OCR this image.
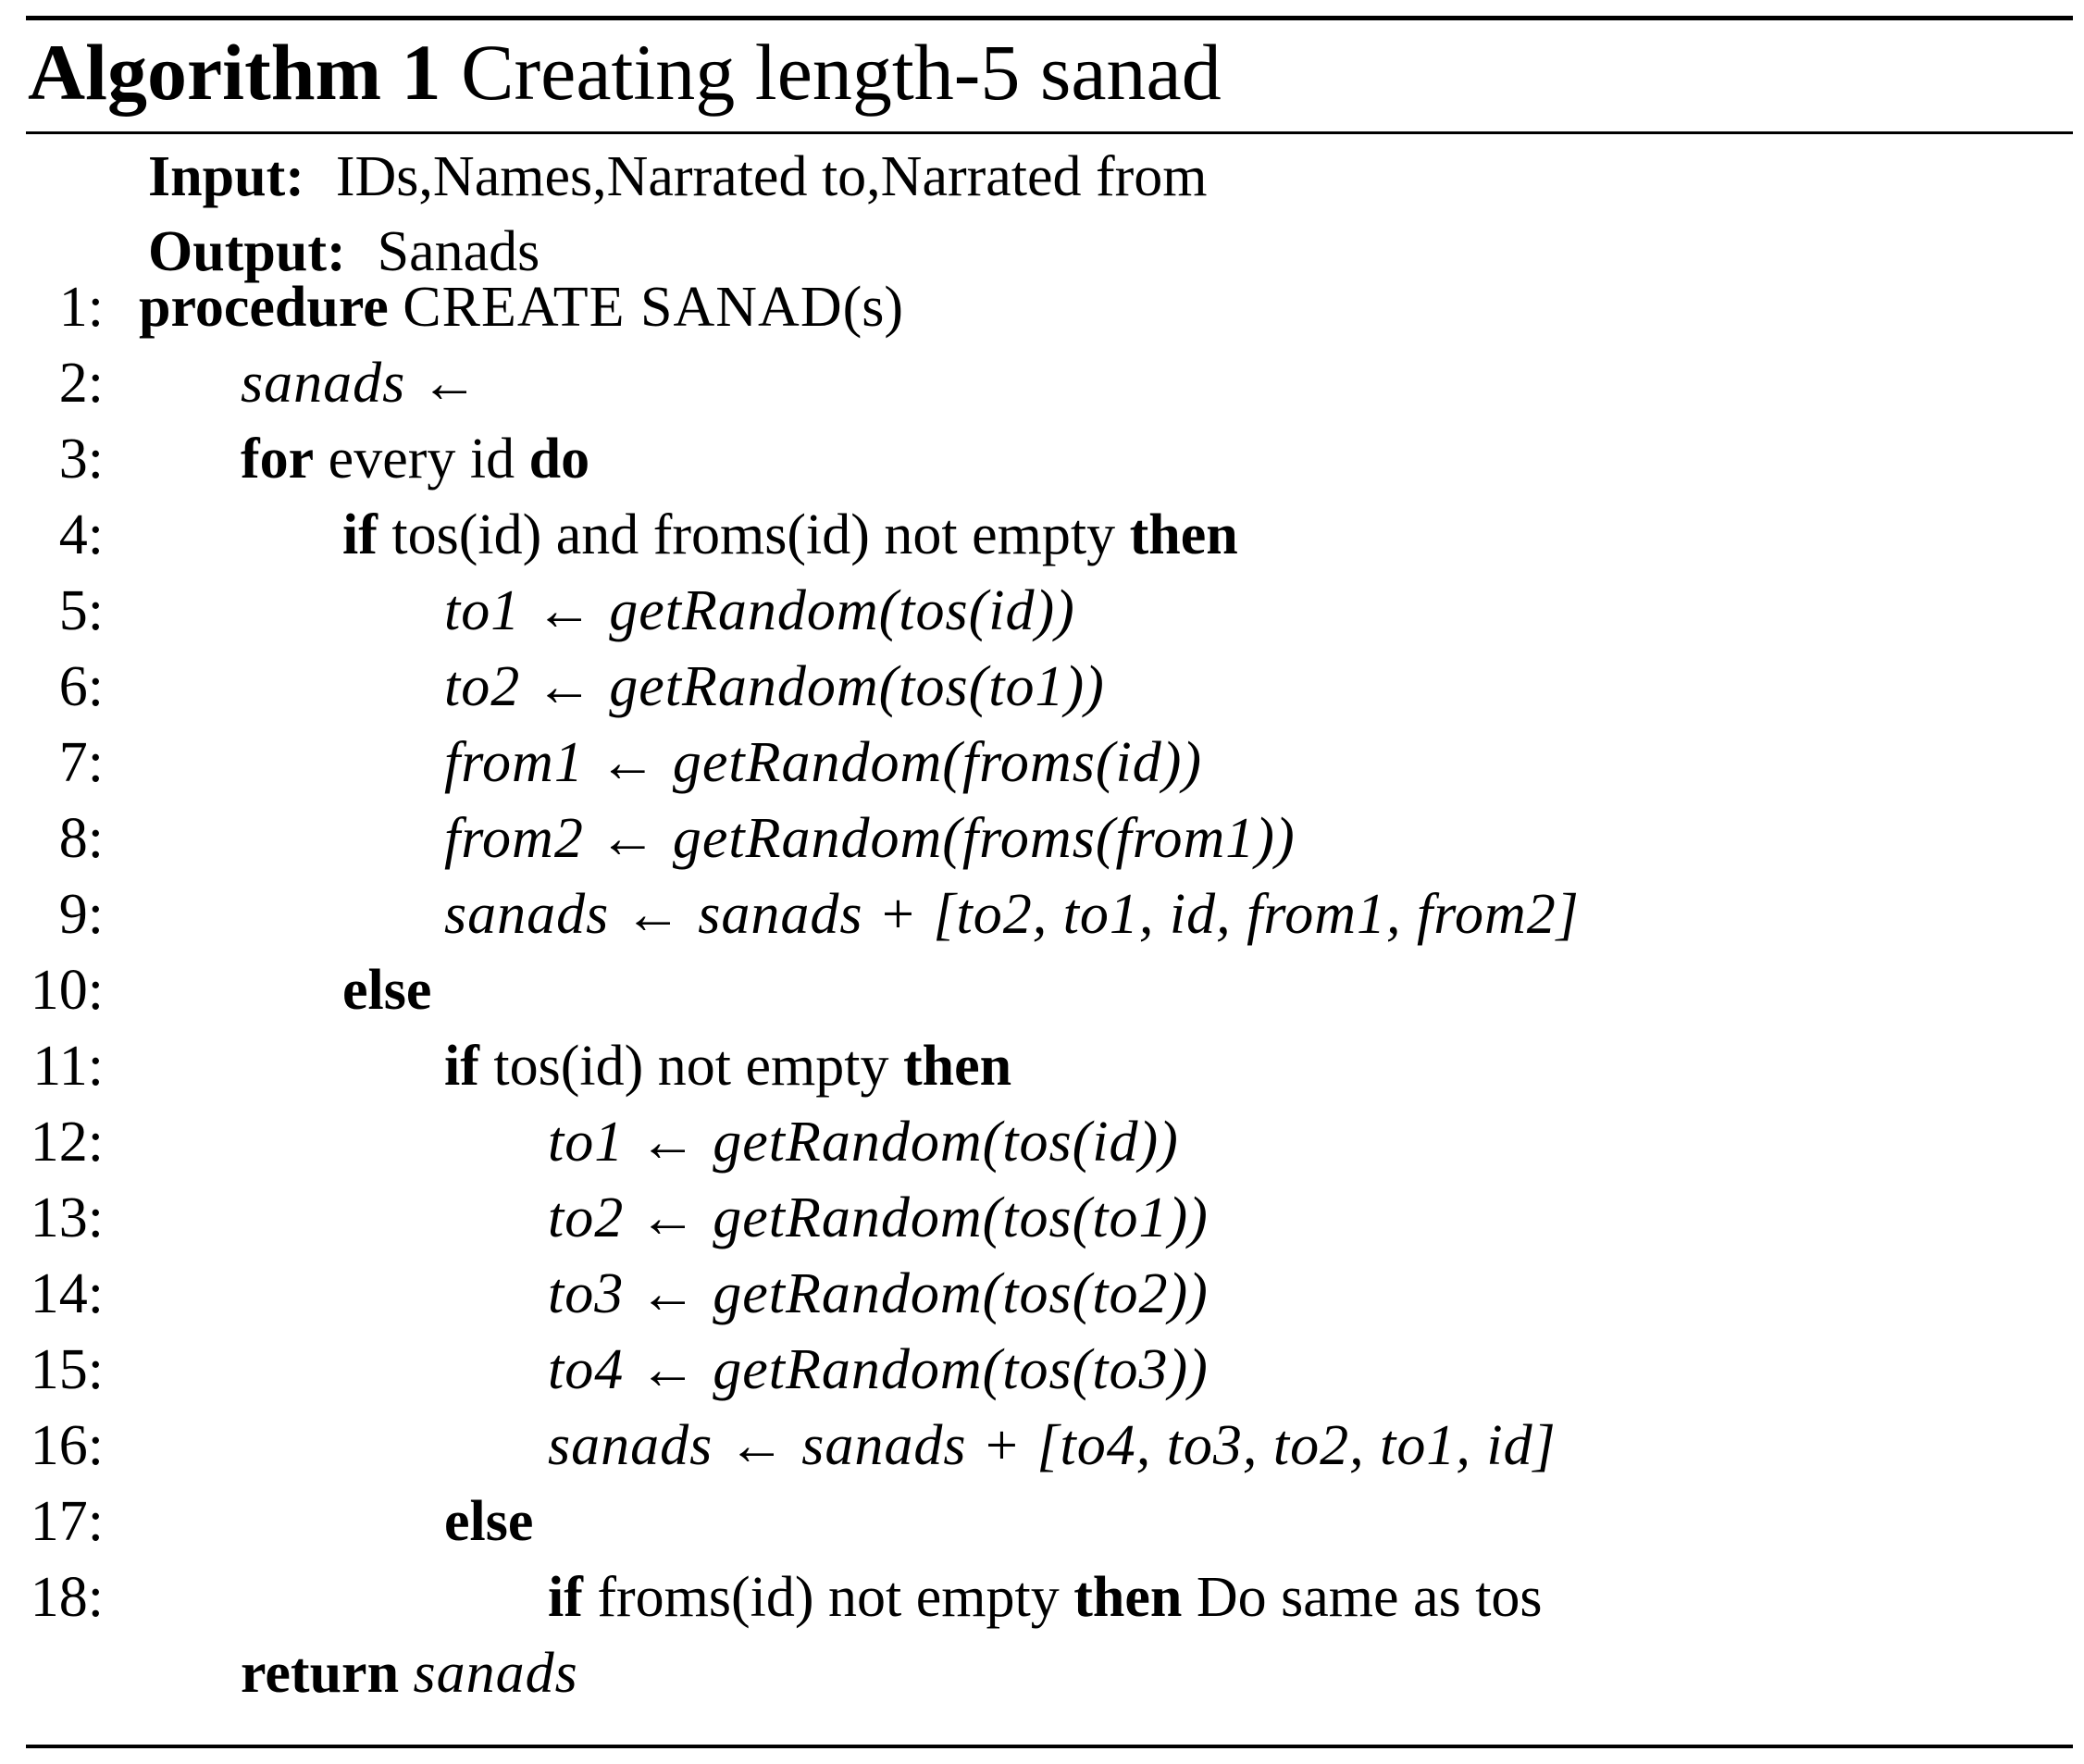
Algorithm 1 Creating length-5 sanad
Input: IDs,Names,Narrated to,Narrated from
Output: Sanads
1: procedure CREATE SANAD(s)
2: sanads ←
3: for every id do
4:	if tos(id) and froms(id) not empty then
5:	to1 ← getRandom(tos(id))
6:	to2 ← getRandom(tos(to1))
7:	from1 ← getRandom(froms(id))
8:	from2 ← getRandom(froms(from1))
9:	sanads ← sanads + [to2, to1, id, from1, from2]
10:	else
11:	if tos(id) not empty then
12:	to1 ← getRandom(tos(id))
13:	to2 ← getRandom(tos(to1))
14:	to3 ← getRandom(tos(to2))
15:	to4 ← getRandom(tos(to3))
16:	sanads ← sanads + [to4, to3, to2, to1, id]
17:	else
18:	if froms(id) not empty then Do same as tos
return sanads
